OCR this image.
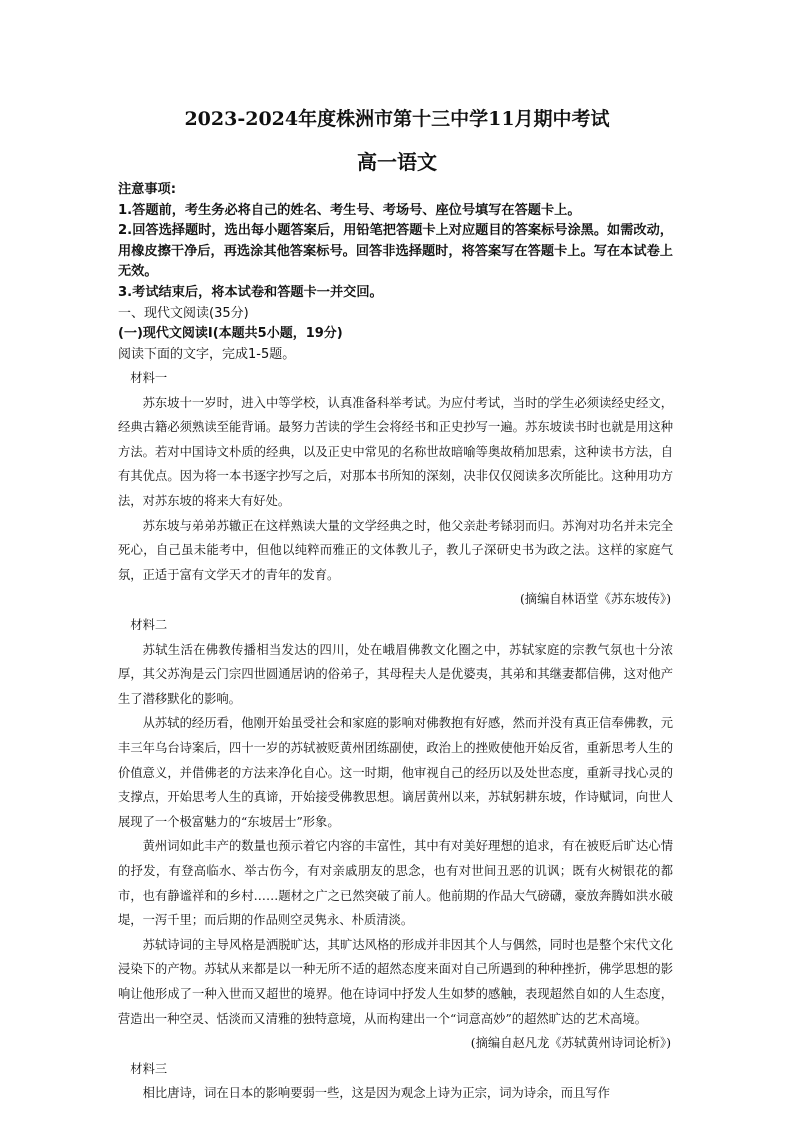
2023-2024年度株洲市第十三中学11月期中考试
高一语文

注意事项:

1.答题前，考生务必将自己的姓名、考生号、考场号、座位号填写在答题卡上。

2.回答选择题时，选出每小题答案后，用铅笔把答题卡上对应题目的答案标号涂黑。如需改动，用橡皮擦干净后，再选涂其他答案标号。回答非选择题时，将答案写在答题卡上。写在本试卷上无效。

3.考试结束后，将本试卷和答题卡一并交回。

一、现代文阅读(35分)
(一)现代文阅读I(本题共5小题，19分)
阅读下面的文字，完成1-5题。

材料一

苏东坡十一岁时，进入中等学校，认真准备科举考试。为应付考试，当时的学生必须读经史经文，经典古籍必须熟读至能背诵。最努力苦读的学生会将经书和正史抄写一遍。苏东坡读书时也就是用这种方法。若对中国诗文朴质的经典，以及正史中常见的名称世故暗喻等奥故稍加思索，这种读书方法，自有其优点。因为将一本书逐字抄写之后，对那本书所知的深刻，决非仅仅阅读多次所能比。这种用功方法，对苏东坡的将来大有好处。

苏东坡与弟弟苏辙正在这样熟读大量的文学经典之时，他父亲赴考铩羽而归。苏洵对功名并未完全死心，自己虽未能考中，但他以纯粹而雅正的文体教儿子，教儿子深研史书为政之法。这样的家庭气氛，正适于富有文学天才的青年的发育。

(摘编自林语堂《苏东坡传》)

材料二

苏轼生活在佛教传播相当发达的四川，处在峨眉佛教文化圈之中，苏轼家庭的宗教气氛也十分浓厚，其父苏洵是云门宗四世圆通居讷的俗弟子，其母程夫人是优婆夷，其弟和其继妻都信佛，这对他产生了潜移默化的影响。

从苏轼的经历看，他刚开始虽受社会和家庭的影响对佛教抱有好感，然而并没有真正信奉佛教，元丰三年乌台诗案后，四十一岁的苏轼被贬黄州团练副使，政治上的挫败使他开始反省，重新思考人生的价值意义，并借佛老的方法来净化自心。这一时期，他审视自己的经历以及处世态度，重新寻找心灵的支撑点，开始思考人生的真谛，开始接受佛教思想。谪居黄州以来，苏轼躬耕东坡，作诗赋词，向世人展现了一个极富魅力的“东坡居士”形象。

黄州词如此丰产的数量也预示着它内容的丰富性，其中有对美好理想的追求，有在被贬后旷达心情的抒发，有登高临水、举古伤今，有对亲戚朋友的思念，也有对世间丑恶的讥讽；既有火树银花的都市，也有静谧祥和的乡村……题材之广之已然突破了前人。他前期的作品大气磅礴，豪放奔腾如洪水破堤，一泻千里；而后期的作品则空灵隽永、朴质清淡。

苏轼诗词的主导风格是洒脱旷达，其旷达风格的形成并非因其个人与偶然，同时也是整个宋代文化浸染下的产物。苏轼从来都是以一种无所不适的超然态度来面对自己所遇到的种种挫折，佛学思想的影响让他形成了一种入世而又超世的境界。他在诗词中抒发人生如梦的感触，表现超然自如的人生态度，营造出一种空灵、恬淡而又清雅的独特意境，从而构建出一个“词意高妙”的超然旷达的艺术高境。

(摘编自赵凡龙《苏轼黄州诗词论析》)

材料三

相比唐诗，词在日本的影响要弱一些，这是因为观念上诗为正宗，词为诗余，而且写作
